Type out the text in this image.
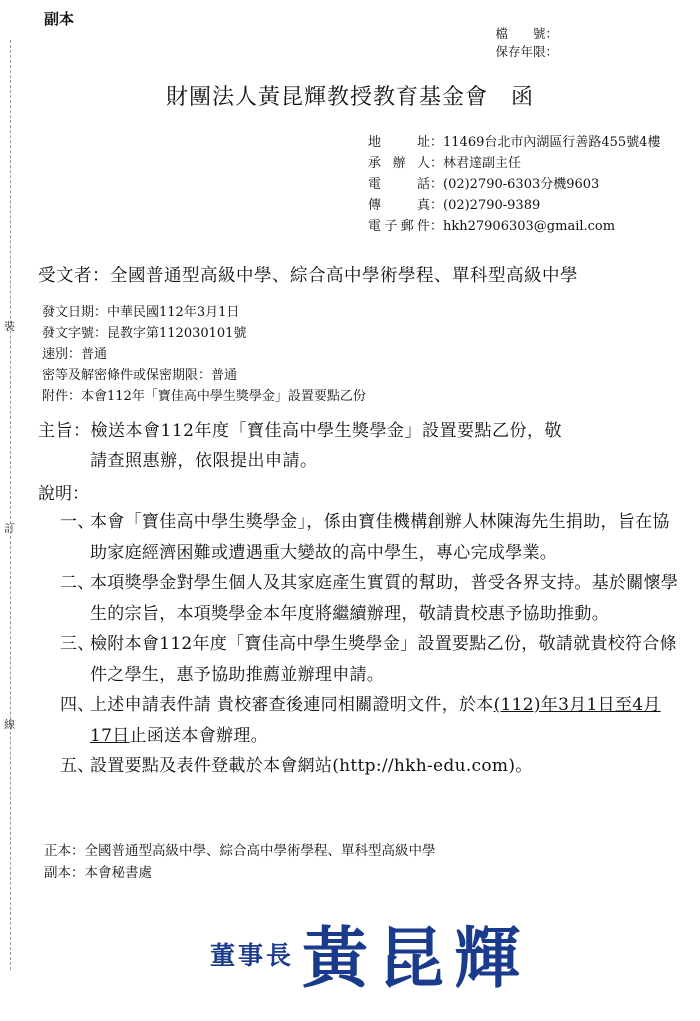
裝
訂
線
副本
檔　　號：
保存年限：
財團法人黃昆輝教授教育基金會　函
地址：11469台北市內湖區行善路455號4樓
承辦人：林君達副主任
電話：(02)2790-6303分機9603
傳真：(02)2790-9389
電子郵件：hkh27906303@gmail.com
受文者：全國普通型高級中學、綜合高中學術學程、單科型高級中學
發文日期：中華民國112年3月1日
發文字號：昆教字第112030101號
速別：普通
密等及解密條件或保密期限：普通
附件：本會112年「寶佳高中學生獎學金」設置要點乙份
主旨：檢送本會112年度「寶佳高中學生獎學金」設置要點乙份，敬
請查照惠辦，依限提出申請。
說明：
一、
本會「寶佳高中學生獎學金」，係由寶佳機構創辦人林陳海先生捐助，旨在協助家庭經濟困難或遭遇重大變故的高中學生，專心完成學業。
二、
本項獎學金對學生個人及其家庭產生實質的幫助，普受各界支持。基於關懷學生的宗旨，本項獎學金本年度將繼續辦理，敬請貴校惠予協助推動。
三、
檢附本會112年度「寶佳高中學生獎學金」設置要點乙份，敬請就貴校符合條件之學生，惠予協助推薦並辦理申請。
四、
上述申請表件請 貴校審查後連同相關證明文件，於本(112)年3月1日至4月17日止函送本會辦理。
五、
設置要點及表件登載於本會網站(http://hkh-edu.com)。
正本：全國普通型高級中學、綜合高中學術學程、單科型高級中學
副本：本會秘書處
董事長 黃昆輝
